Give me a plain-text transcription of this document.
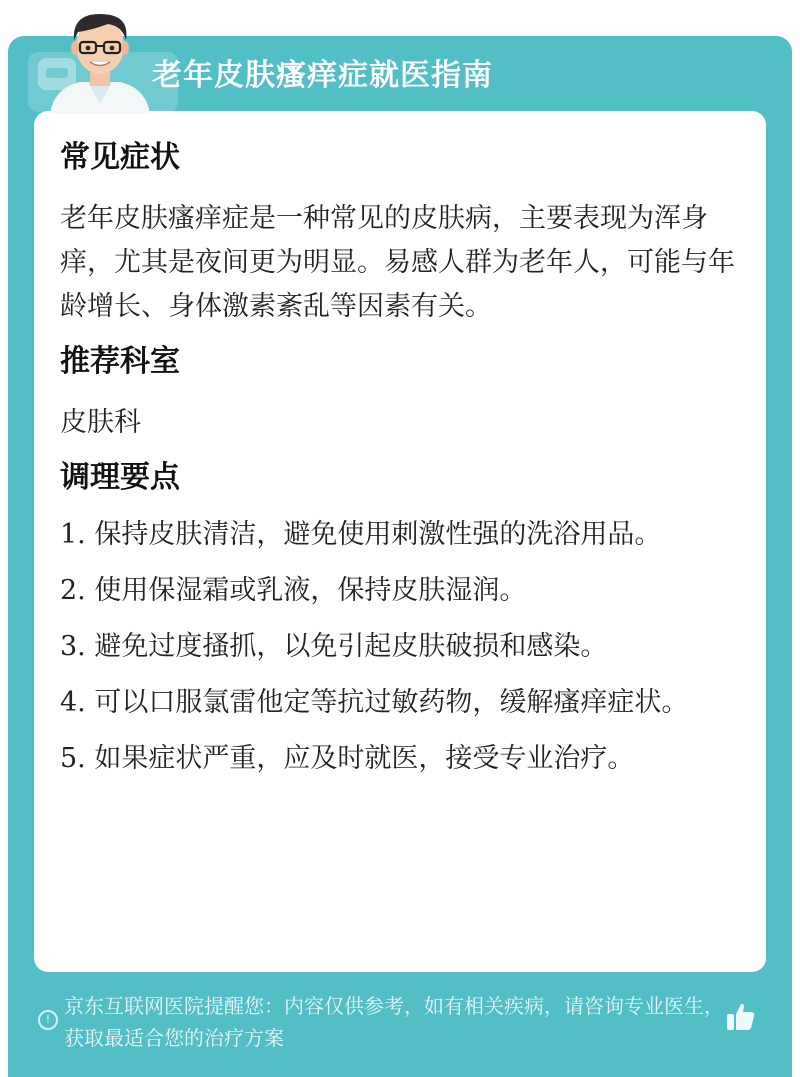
老年皮肤瘙痒症就医指南
!
京东互联网医院提醒您：内容仅供参考，如有相关疾病，请咨询专业医生，获取最适合您的治疗方案
常见症状

老年皮肤瘙痒症是一种常见的皮肤病，主要表现为浑身痒，尤其是夜间更为明显。易感人群为老年人，可能与年龄增长、身体激素紊乱等因素有关。

推荐科室

皮肤科

调理要点

1. 保持皮肤清洁，避免使用刺激性强的洗浴用品。

2. 使用保湿霜或乳液，保持皮肤湿润。

3. 避免过度搔抓，以免引起皮肤破损和感染。

4. 可以口服氯雷他定等抗过敏药物，缓解瘙痒症状。

5. 如果症状严重，应及时就医，接受专业治疗。
